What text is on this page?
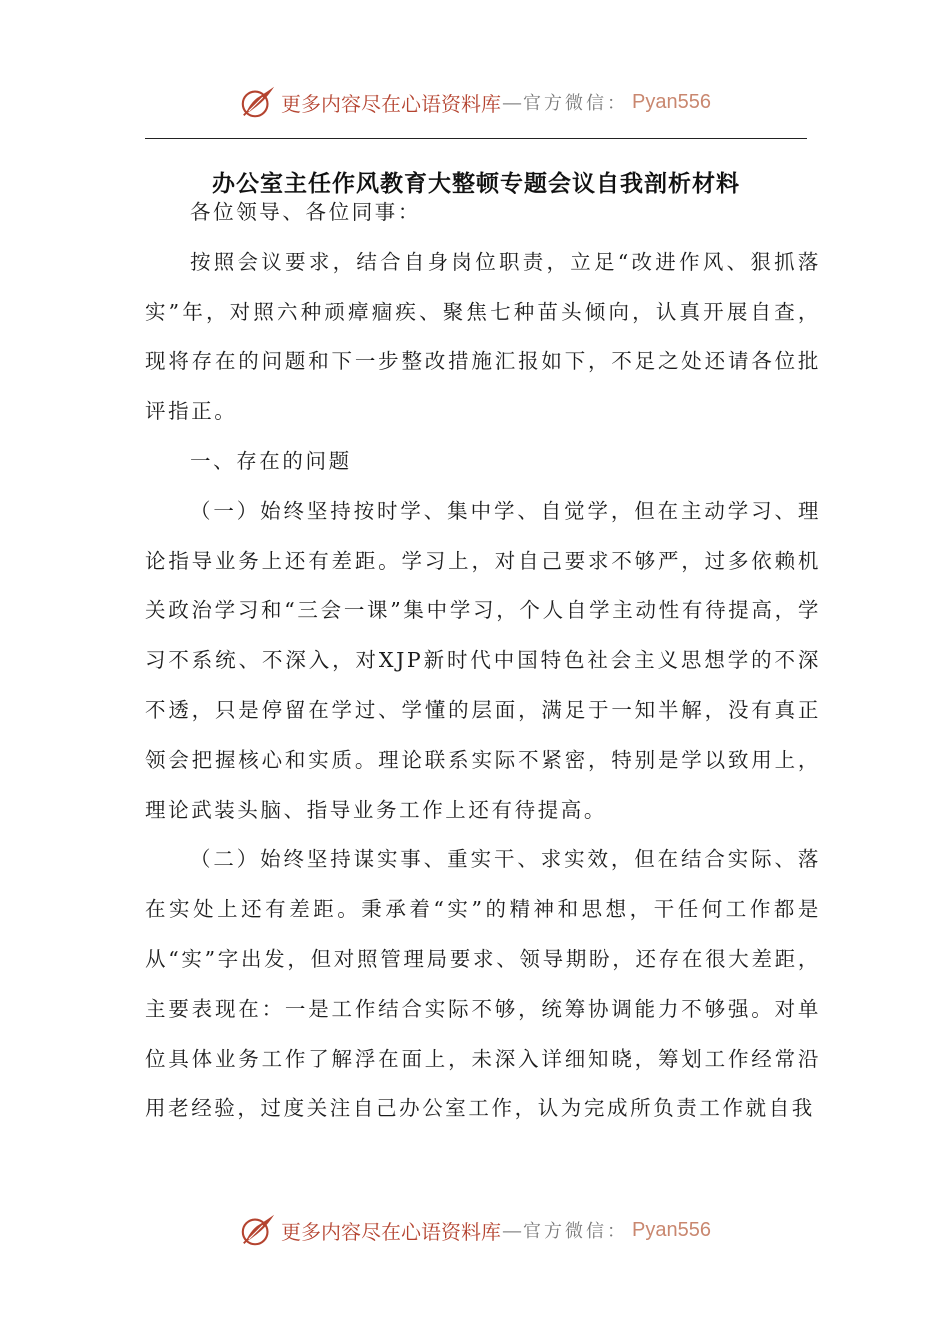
更多内容尽在心语资料库 — 官方微信： Pyan556
办公室主任作风教育大整顿专题会议自我剖析材料

各位领导、各位同事：

按照会议要求，结合自身岗位职责，立足“改进作风、狠抓落实”年，对照六种顽瘴痼疾、聚焦七种苗头倾向，认真开展自查，现将存在的问题和下一步整改措施汇报如下，不足之处还请各位批评指正。

一、存在的问题

（一）始终坚持按时学、集中学、自觉学，但在主动学习、理论指导业务上还有差距。学习上，对自己要求不够严，过多依赖机关政治学习和“三会一课”集中学习，个人自学主动性有待提高，学习不系统、不深入，对XJP新时代中国特色社会主义思想学的不深不透，只是停留在学过、学懂的层面，满足于一知半解，没有真正领会把握核心和实质。理论联系实际不紧密，特别是学以致用上，理论武装头脑、指导业务工作上还有待提高。

（二）始终坚持谋实事、重实干、求实效，但在结合实际、落在实处上还有差距。秉承着“实”的精神和思想，干任何工作都是从“实”字出发，但对照管理局要求、领导期盼，还存在很大差距，主要表现在：一是工作结合实际不够，统筹协调能力不够强。对单位具体业务工作了解浮在面上，未深入详细知晓，筹划工作经常沿用老经验，过度关注自己办公室工作，认为完成所负责工作就自我

更多内容尽在心语资料库 — 官方微信： Pyan556
